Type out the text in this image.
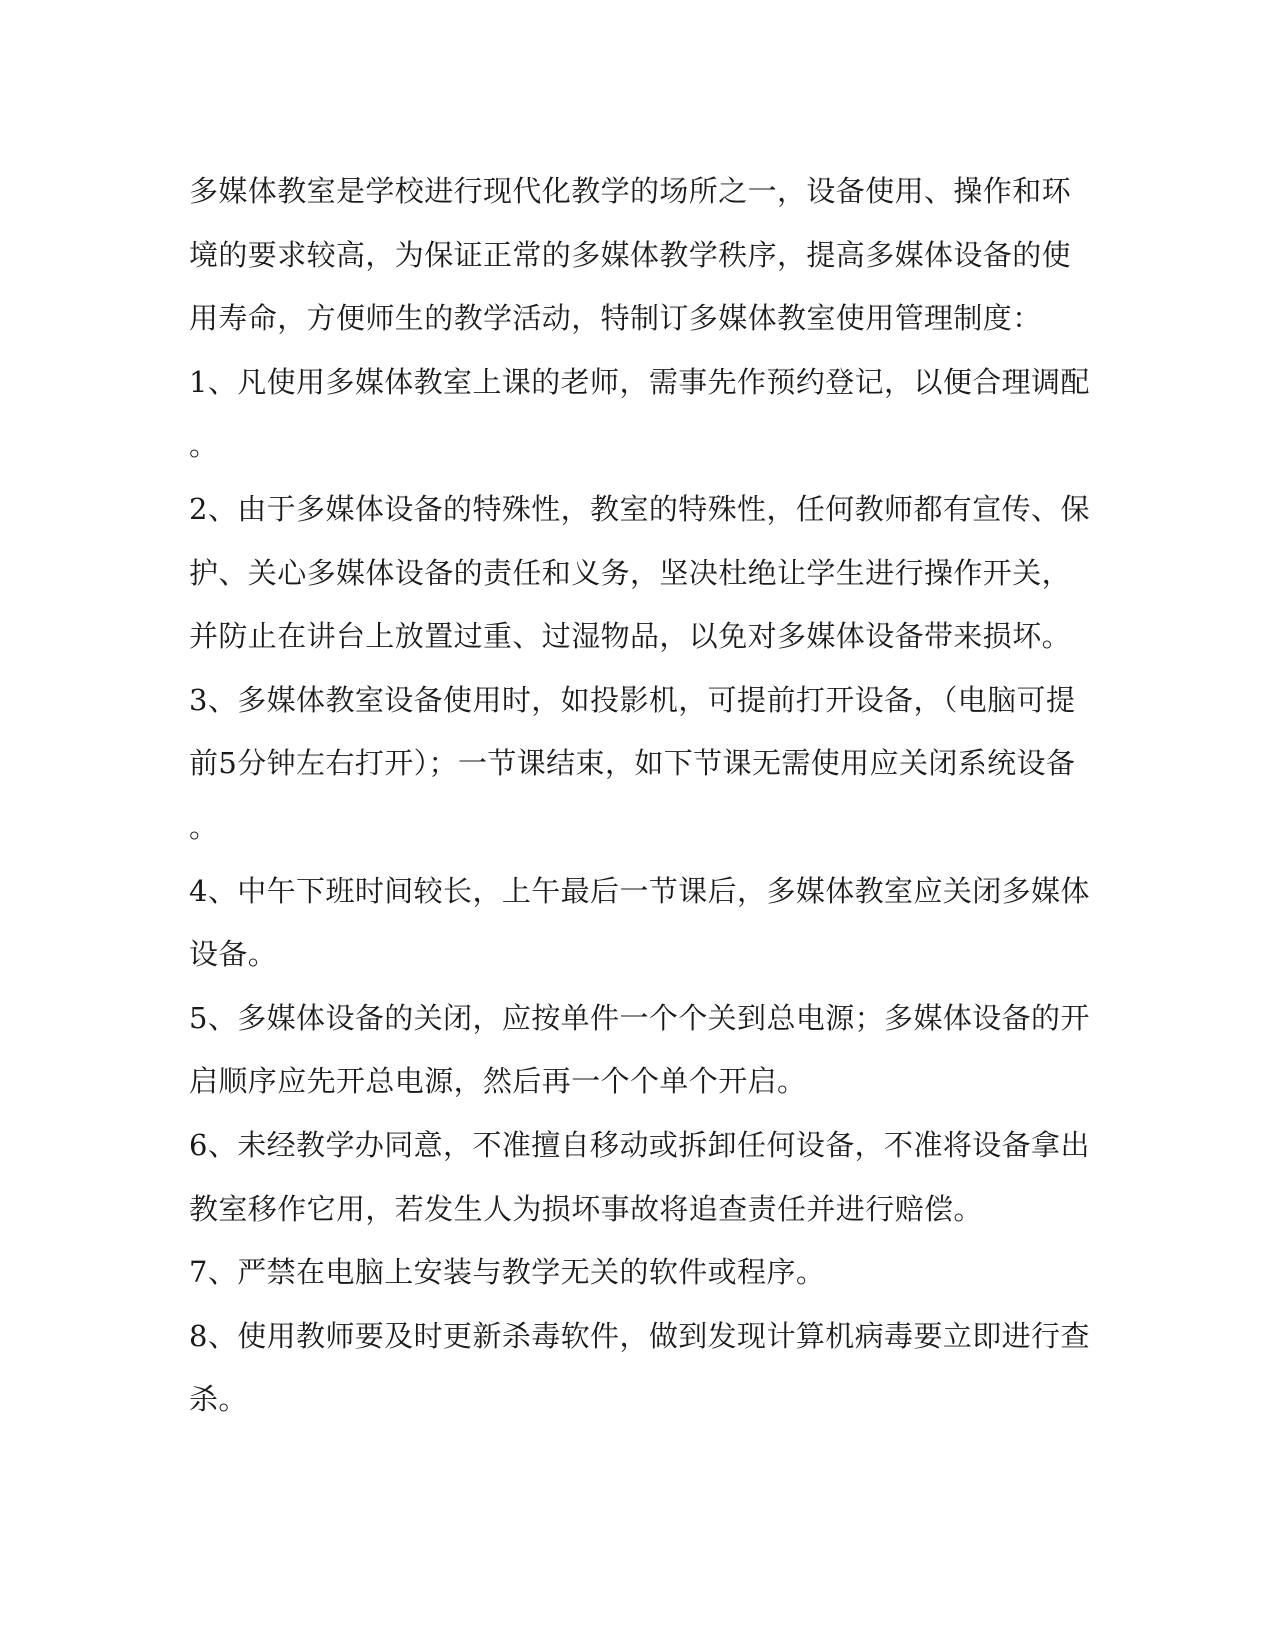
多媒体教室是学校进行现代化教学的场所之一，设备使用、操作和环
境的要求较高，为保证正常的多媒体教学秩序，提高多媒体设备的使
用寿命，方便师生的教学活动，特制订多媒体教室使用管理制度：
1、凡使用多媒体教室上课的老师，需事先作预约登记，以便合理调配
。
2、由于多媒体设备的特殊性，教室的特殊性，任何教师都有宣传、保
护、关心多媒体设备的责任和义务，坚决杜绝让学生进行操作开关，
并防止在讲台上放置过重、过湿物品，以免对多媒体设备带来损坏。
3、多媒体教室设备使用时，如投影机，可提前打开设备，（电脑可提
前5分钟左右打开）；一节课结束，如下节课无需使用应关闭系统设备
。
4、中午下班时间较长，上午最后一节课后，多媒体教室应关闭多媒体
设备。
5、多媒体设备的关闭，应按单件一个个关到总电源；多媒体设备的开
启顺序应先开总电源，然后再一个个单个开启。
6、未经教学办同意，不准擅自移动或拆卸任何设备，不准将设备拿出
教室移作它用，若发生人为损坏事故将追查责任并进行赔偿。
7、严禁在电脑上安装与教学无关的软件或程序。
8、使用教师要及时更新杀毒软件，做到发现计算机病毒要立即进行查
杀。
